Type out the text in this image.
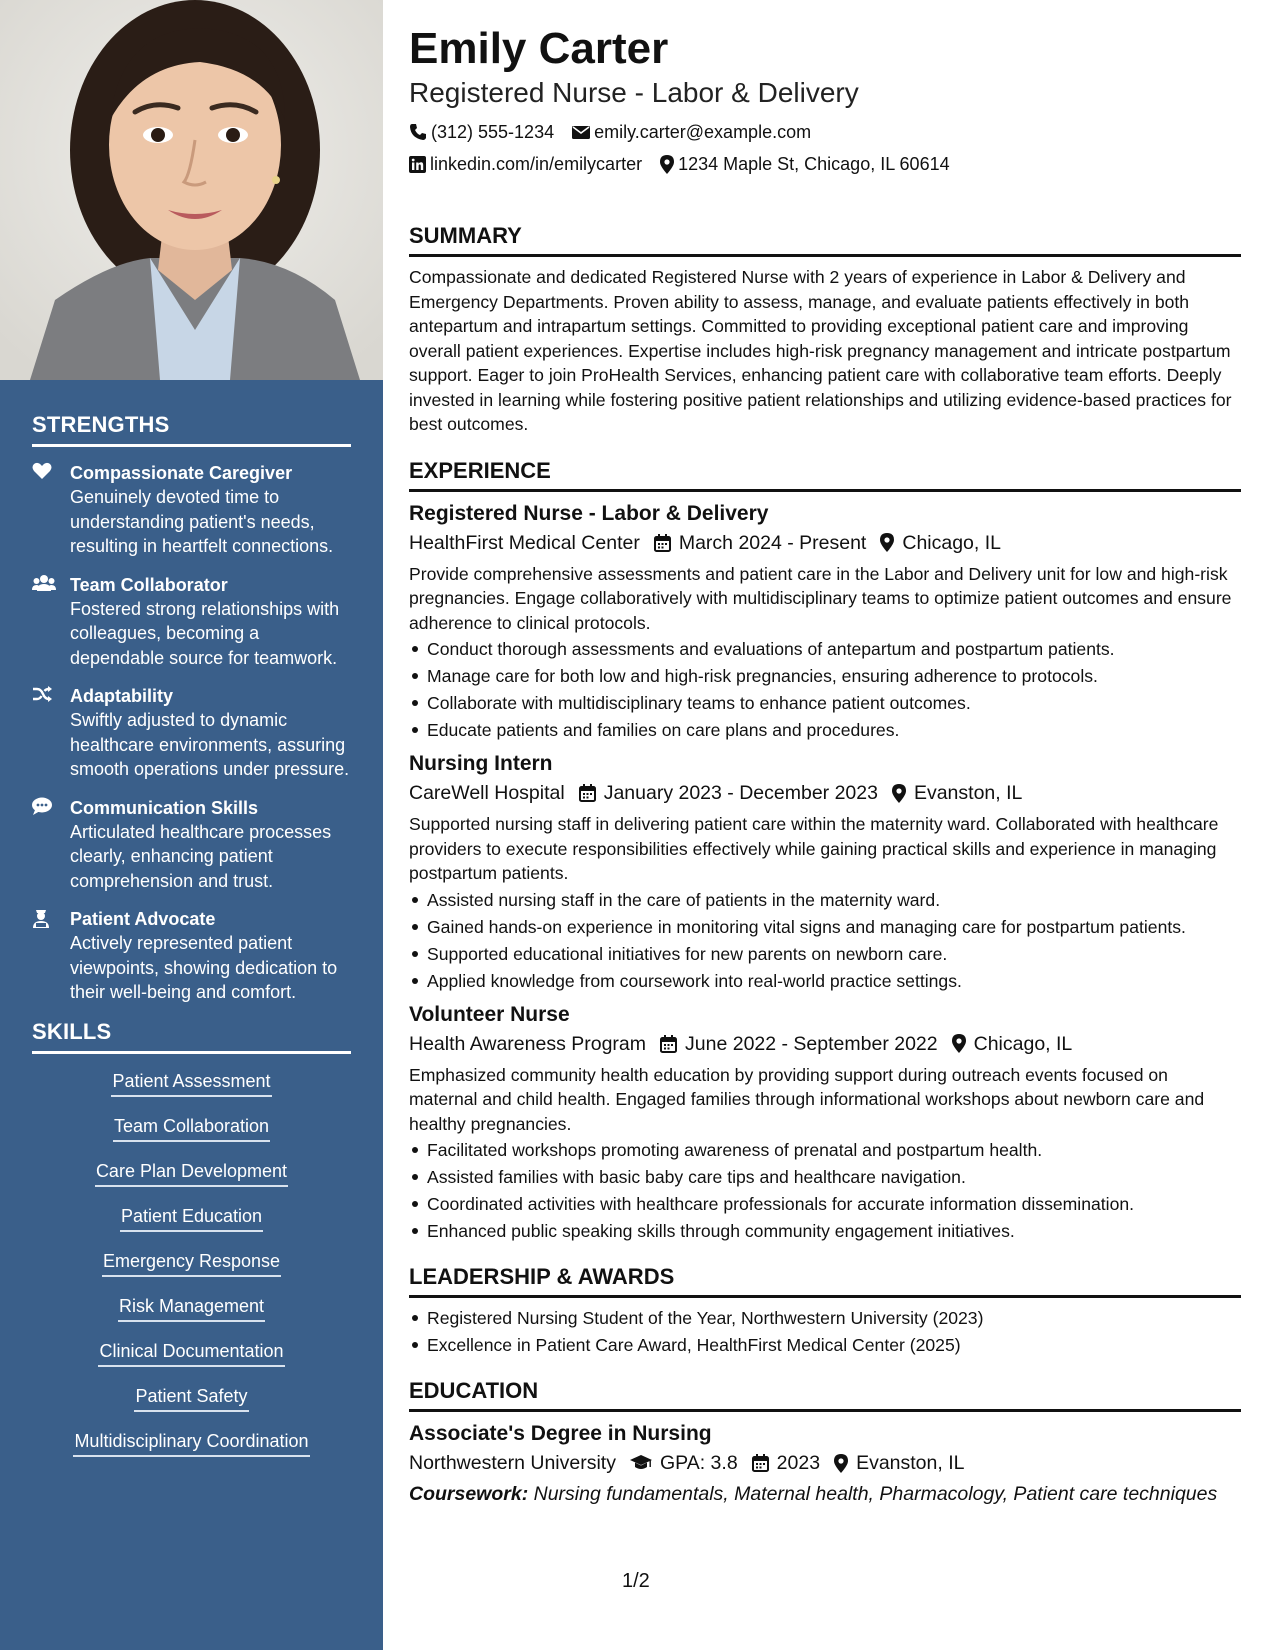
STRENGTHS
Compassionate Caregiver
Genuinely devoted time to understanding patient's needs, resulting in heartfelt connections.
Team Collaborator
Fostered strong relationships with colleagues, becoming a dependable source for teamwork.
Adaptability
Swiftly adjusted to dynamic healthcare environments, assuring smooth operations under pressure.
Communication Skills
Articulated healthcare processes clearly, enhancing patient comprehension and trust.
Patient Advocate
Actively represented patient viewpoints, showing dedication to their well-being and comfort.
SKILLS
Patient Assessment
Team Collaboration
Care Plan Development
Patient Education
Emergency Response
Risk Management
Clinical Documentation
Patient Safety
Multidisciplinary Coordination
Emily Carter
Registered Nurse - Labor & Delivery
(312) 555-1234 emily.carter@example.com
linkedin.com/in/emilycarter 1234 Maple St, Chicago, IL 60614
SUMMARY
Compassionate and dedicated Registered Nurse with 2 years of experience in Labor & Delivery and Emergency Departments. Proven ability to assess, manage, and evaluate patients effectively in both antepartum and intrapartum settings. Committed to providing exceptional patient care and improving overall patient experiences. Expertise includes high-risk pregnancy management and intricate postpartum support. Eager to join ProHealth Services, enhancing patient care with collaborative team efforts. Deeply invested in learning while fostering positive patient relationships and utilizing evidence-based practices for best outcomes.
EXPERIENCE
Registered Nurse - Labor & Delivery
HealthFirst Medical Center March 2024 - Present Chicago, IL
Provide comprehensive assessments and patient care in the Labor and Delivery unit for low and high-risk pregnancies. Engage collaboratively with multidisciplinary teams to optimize patient outcomes and ensure adherence to clinical protocols.
Conduct thorough assessments and evaluations of antepartum and postpartum patients.
Manage care for both low and high-risk pregnancies, ensuring adherence to protocols.
Collaborate with multidisciplinary teams to enhance patient outcomes.
Educate patients and families on care plans and procedures.
Nursing Intern
CareWell Hospital January 2023 - December 2023 Evanston, IL
Supported nursing staff in delivering patient care within the maternity ward. Collaborated with healthcare providers to execute responsibilities effectively while gaining practical skills and experience in managing postpartum patients.
Assisted nursing staff in the care of patients in the maternity ward.
Gained hands-on experience in monitoring vital signs and managing care for postpartum patients.
Supported educational initiatives for new parents on newborn care.
Applied knowledge from coursework into real-world practice settings.
Volunteer Nurse
Health Awareness Program June 2022 - September 2022 Chicago, IL
Emphasized community health education by providing support during outreach events focused on maternal and child health. Engaged families through informational workshops about newborn care and healthy pregnancies.
Facilitated workshops promoting awareness of prenatal and postpartum health.
Assisted families with basic baby care tips and healthcare navigation.
Coordinated activities with healthcare professionals for accurate information dissemination.
Enhanced public speaking skills through community engagement initiatives.
LEADERSHIP & AWARDS
Registered Nursing Student of the Year, Northwestern University (2023)
Excellence in Patient Care Award, HealthFirst Medical Center (2025)
EDUCATION
Associate's Degree in Nursing
Northwestern University GPA: 3.8 2023 Evanston, IL
Coursework: Nursing fundamentals, Maternal health, Pharmacology, Patient care techniques
1/2
